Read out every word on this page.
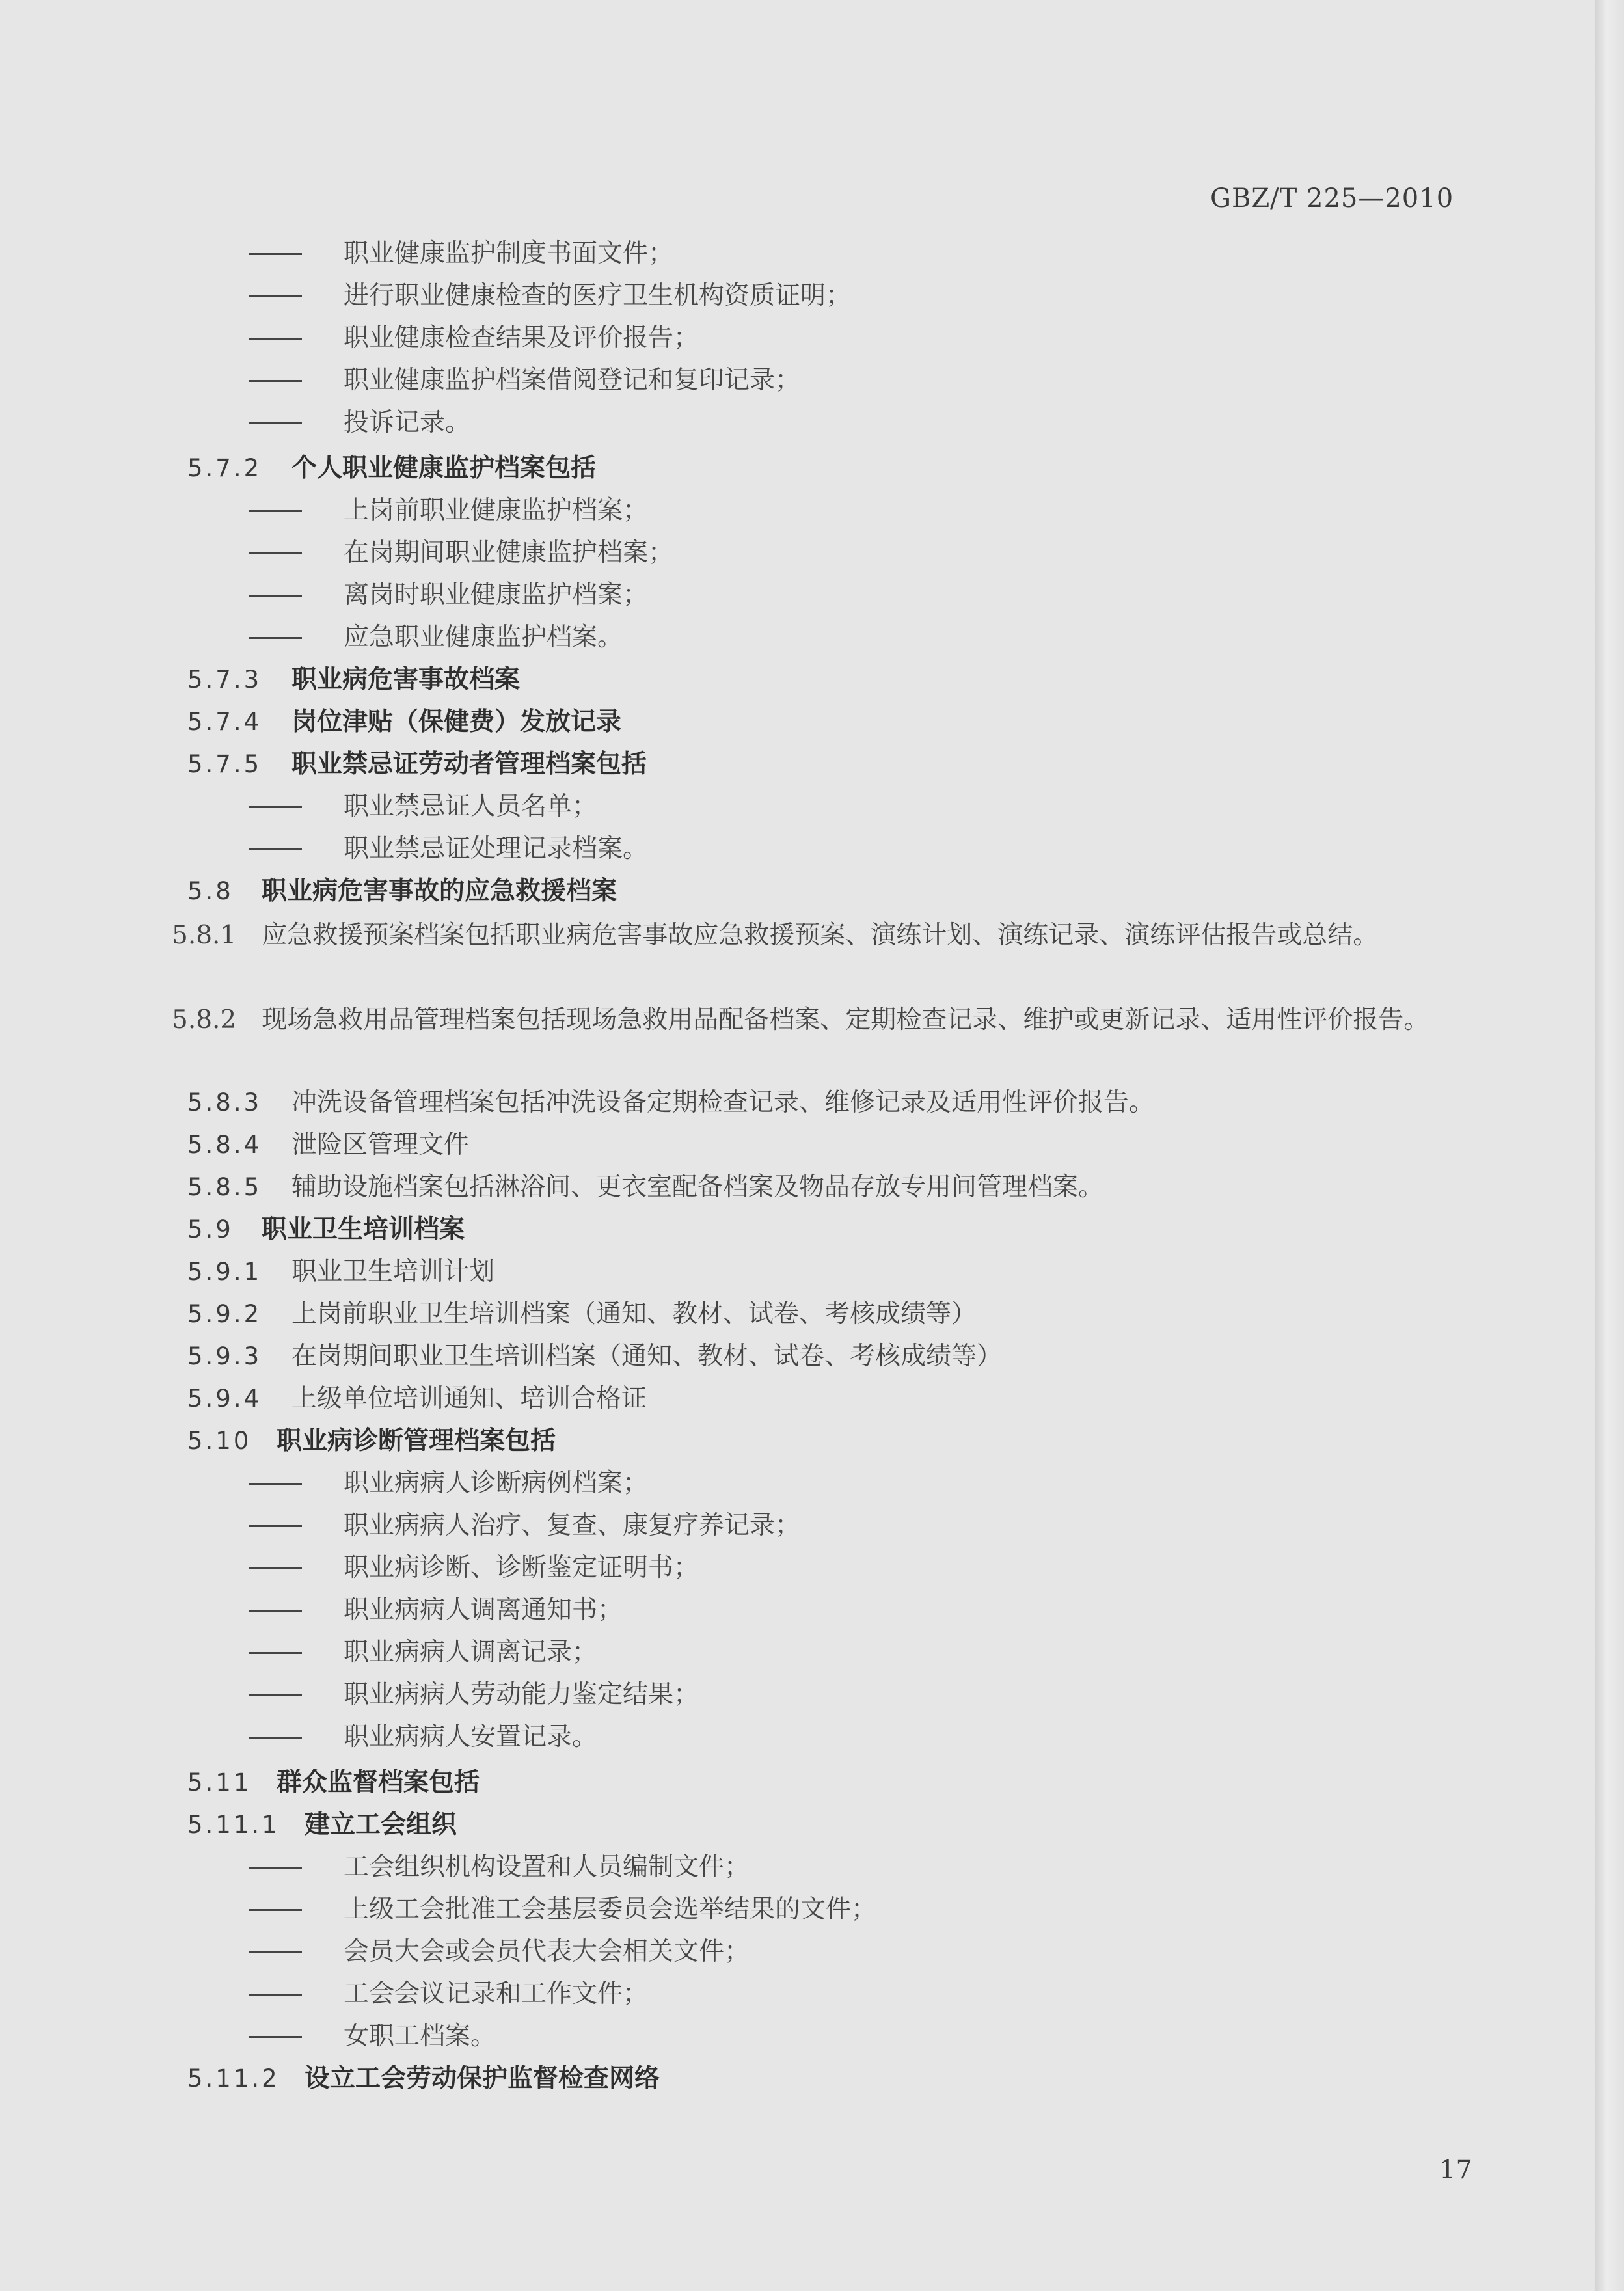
GBZ/T 225—2010
职业健康监护制度书面文件；
进行职业健康检查的医疗卫生机构资质证明；
职业健康检查结果及评价报告；
职业健康监护档案借阅登记和复印记录；
投诉记录。
5.7.2 个人职业健康监护档案包括
上岗前职业健康监护档案；
在岗期间职业健康监护档案；
离岗时职业健康监护档案；
应急职业健康监护档案。
5.7.3 职业病危害事故档案
5.7.4 岗位津贴（保健费）发放记录
5.7.5 职业禁忌证劳动者管理档案包括
职业禁忌证人员名单；
职业禁忌证处理记录档案。
5.8 职业病危害事故的应急救援档案
5.8.1　应急救援预案档案包括职业病危害事故应急救援预案、演练计划、演练记录、演练评估报告或总结。
5.8.2　现场急救用品管理档案包括现场急救用品配备档案、定期检查记录、维护或更新记录、适用性评价报告。
5.8.3 冲洗设备管理档案包括冲洗设备定期检查记录、维修记录及适用性评价报告。
5.8.4 泄险区管理文件
5.8.5 辅助设施档案包括淋浴间、更衣室配备档案及物品存放专用间管理档案。
5.9 职业卫生培训档案
5.9.1 职业卫生培训计划
5.9.2 上岗前职业卫生培训档案（通知、教材、试卷、考核成绩等）
5.9.3 在岗期间职业卫生培训档案（通知、教材、试卷、考核成绩等）
5.9.4 上级单位培训通知、培训合格证
5.10 职业病诊断管理档案包括
职业病病人诊断病例档案；
职业病病人治疗、复查、康复疗养记录；
职业病诊断、诊断鉴定证明书；
职业病病人调离通知书；
职业病病人调离记录；
职业病病人劳动能力鉴定结果；
职业病病人安置记录。
5.11 群众监督档案包括
5.11.1 建立工会组织
工会组织机构设置和人员编制文件；
上级工会批准工会基层委员会选举结果的文件；
会员大会或会员代表大会相关文件；
工会会议记录和工作文件；
女职工档案。
5.11.2 设立工会劳动保护监督检查网络
17
